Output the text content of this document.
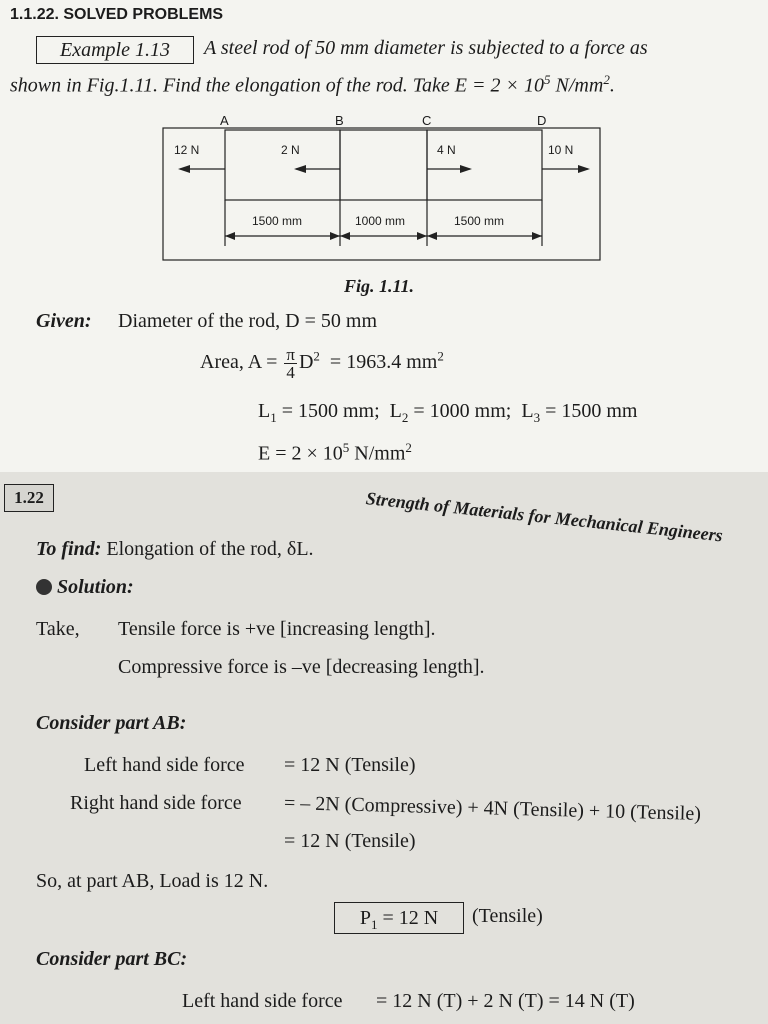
1.1.22. SOLVED PROBLEMS
Example 1.13	A steel rod of 50 mm diameter is subjected to a force as
shown in Fig.1.11. Find the elongation of the rod. Take $E = 2 \times 10^5$ $N/mm^2$.
A	B	C	D
12 N	2 N	4 N	10 N
1500 mm	1000 mm	1500 mm
Fig. 1.11.
Given: Diameter of the rod, D = 50 mm
Area, $A = \frac{\pi}{4} D^2 = 1963.4$ $mm^2$
$L_1 = 1500$ mm; $L_2 = 1000$ mm; $L_3 = 1500$ mm
$E = 2 \times 10^5$ $N/mm^2$
1.22	Strength of Materials for Mechanical Engineers
To find: Elongation of the rod, δL.
Solution:
Take, Tensile force is +ve [increasing length].
Compressive force is –ve [decreasing length].
Consider part AB:
Left hand side force = 12 N (Tensile)
Right hand side force = – 2N (Compressive) + 4N (Tensile) + 10 (Tensile)
= 12 N (Tensile)
So, at part AB, Load is 12 N.
$P_1 = 12$ N	(Tensile)
Consider part BC:
Left hand side force = 12 N (T) + 2 N (T) = 14 N (T)
